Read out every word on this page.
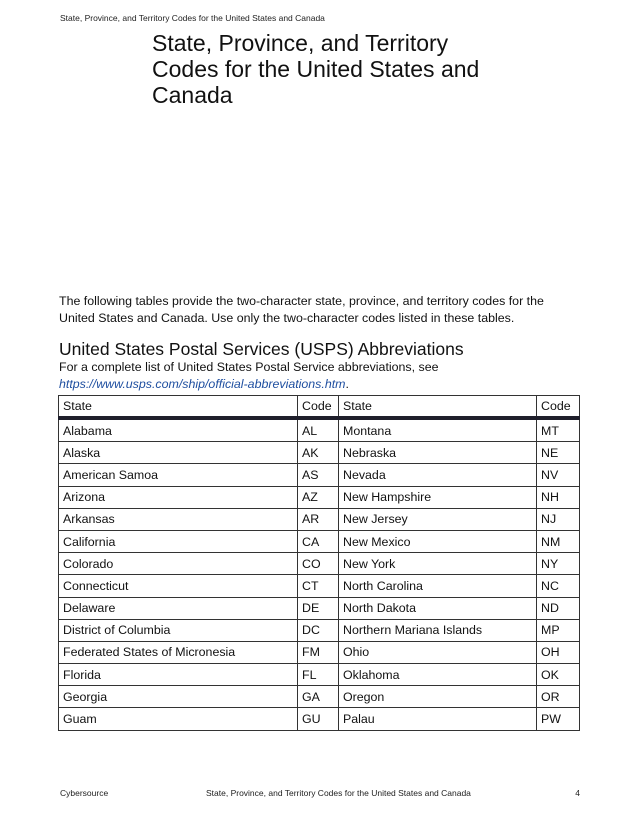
State, Province, and Territory Codes for the United States and Canada
State, Province, and Territory Codes for the United States and Canada

The following tables provide the two-character state, province, and territory codes for the United States and Canada. Use only the two-character codes listed in these tables.

United States Postal Services (USPS) Abbreviations

For a complete list of United States Postal Service abbreviations, see https://www.usps.com/ship/official-abbreviations.htm.

State	Code	State	Code
Alabama	AL	Montana	MT
Alaska	AK	Nebraska	NE
American Samoa	AS	Nevada	NV
Arizona	AZ	New Hampshire	NH
Arkansas	AR	New Jersey	NJ
California	CA	New Mexico	NM
Colorado	CO	New York	NY
Connecticut	CT	North Carolina	NC
Delaware	DE	North Dakota	ND
District of Columbia	DC	Northern Mariana Islands	MP
Federated States of Micronesia	FM	Ohio	OH
Florida	FL	Oklahoma	OK
Georgia	GA	Oregon	OR
Guam	GU	Palau	PW
Cybersource	State, Province, and Territory Codes for the United States and Canada	4
